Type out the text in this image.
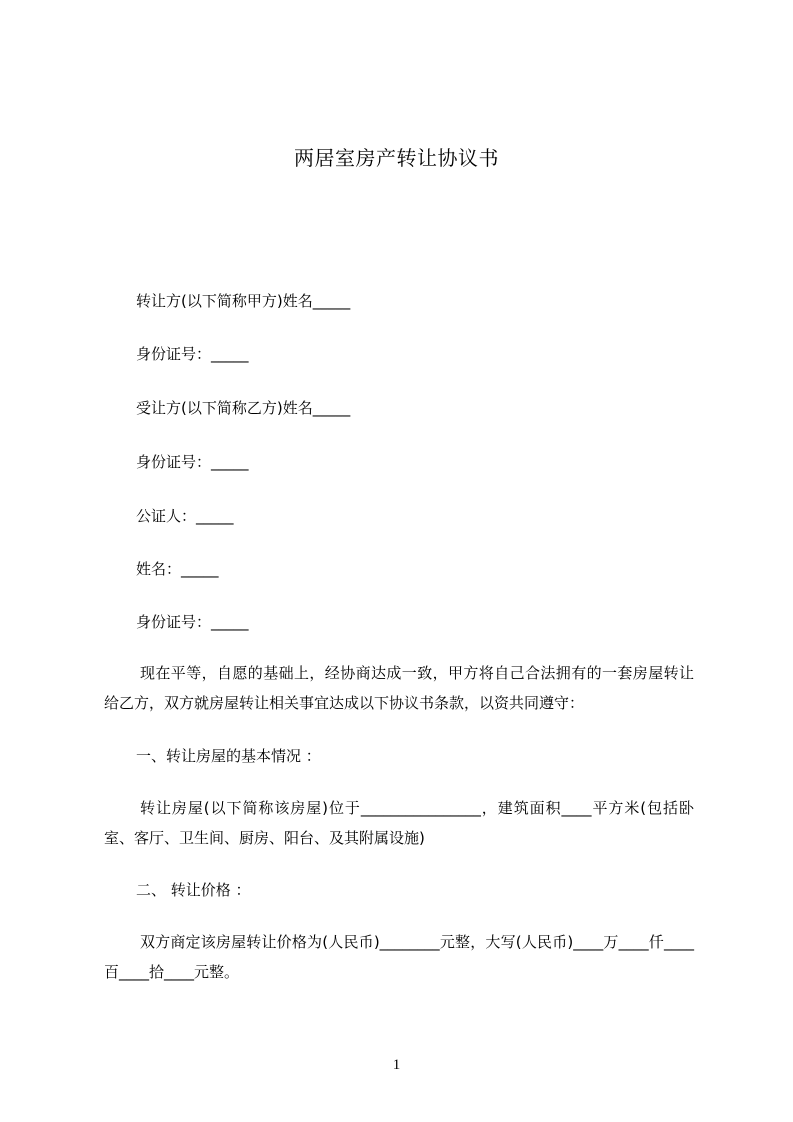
两居室房产转让协议书
转让方(以下简称甲方)姓名_____
身份证号：_____
受让方(以下简称乙方)姓名_____
身份证号：_____
公证人：_____
姓名：_____
身份证号：_____
现在平等，自愿的基础上，经协商达成一致，甲方将自己合法拥有的一套房屋转让给乙方，双方就房屋转让相关事宜达成以下协议书条款，以资共同遵守：
一、转让房屋的基本情况 ：
转让房屋(以下简称该房屋)位于________________，建筑面积____平方米(包括卧室、客厅、卫生间、厨房、阳台、及其附属设施)
二、 转让价格 ：
双方商定该房屋转让价格为(人民币)________元整，大写(人民币)____万____仟____百____拾____元整。
1
